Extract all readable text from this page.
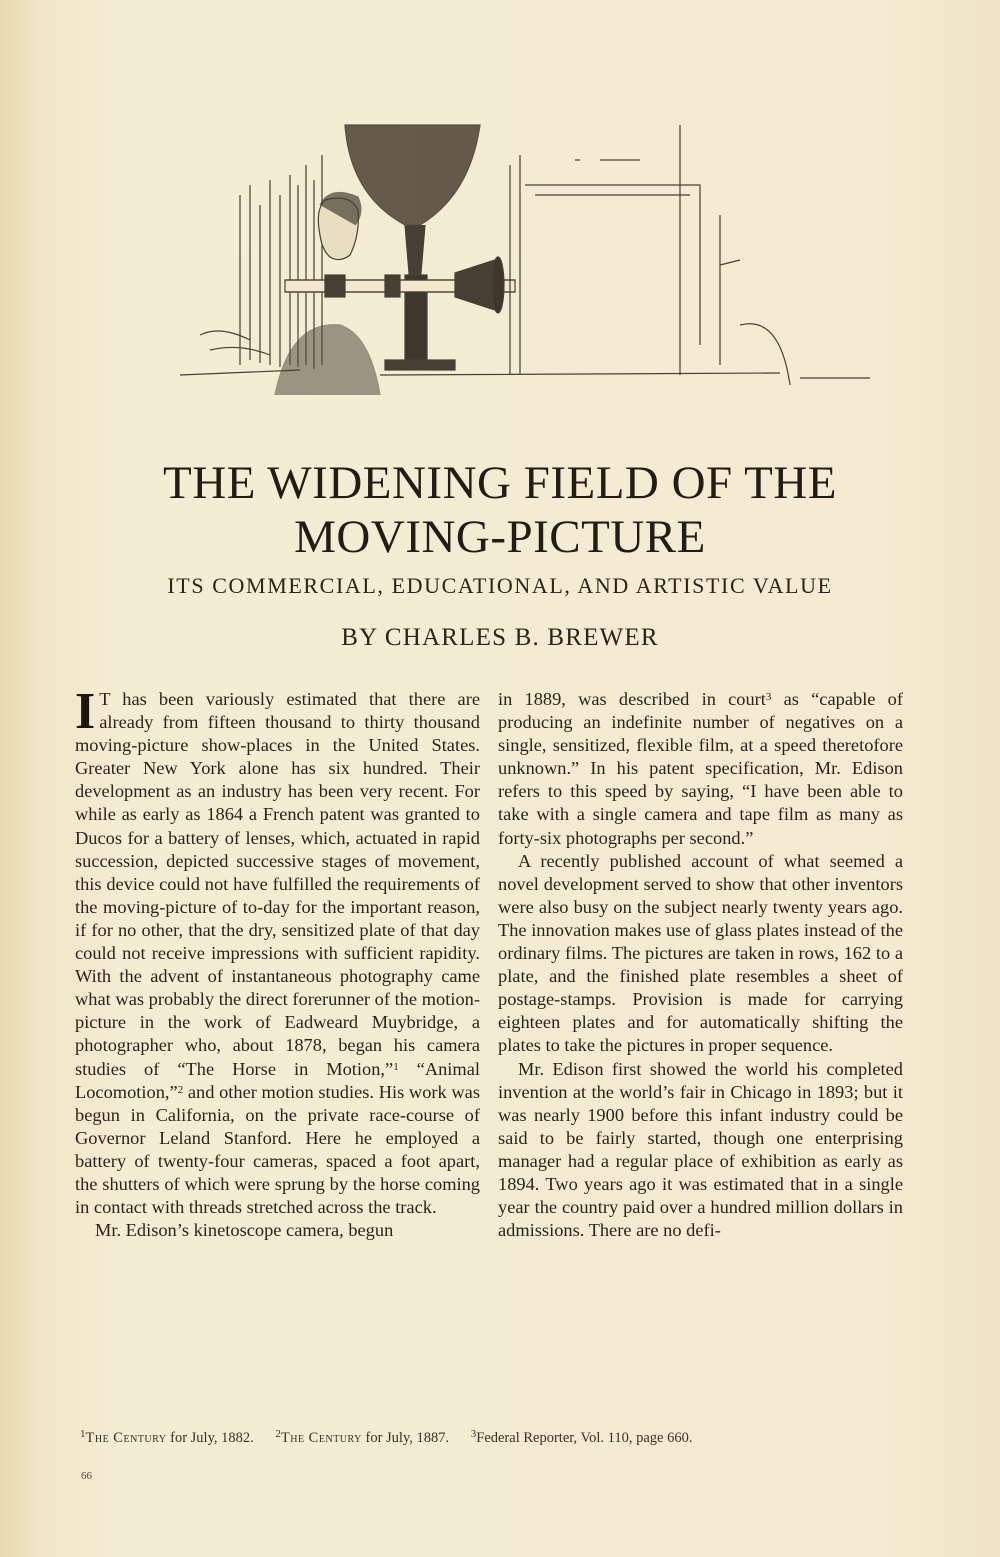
THE WIDENING FIELD OF THE
MOVING-PICTURE
ITS COMMERCIAL, EDUCATIONAL, AND ARTISTIC VALUE
BY CHARLES B. BREWER

I T has been variously estimated that there are already from fifteen thousand to thirty thousand moving-picture show-places in the United States. Greater New York alone has six hundred. Their development as an industry has been very recent. For while as early as 1864 a French patent was granted to Ducos for a battery of lenses, which, actuated in rapid succession, depicted successive stages of movement, this device could not have fulfilled the requirements of the moving-picture of to-day for the important reason, if for no other, that the dry, sensitized plate of that day could not receive impressions with sufficient rapidity. With the advent of instantaneous photography came what was probably the direct forerunner of the motion-picture in the work of Eadweard Muybridge, a photographer who, about 1878, began his camera studies of “The Horse in Motion,”$^1$ “Animal Locomotion,”$^2$ and other motion studies. His work was begun in California, on the private race-course of Governor Leland Stanford. Here he employed a battery of twenty-four cameras, spaced a foot apart, the shutters of which were sprung by the horse coming in contact with threads stretched across the track.

Mr. Edison’s kinetoscope camera, begun

in 1889, was described in court$^3$ as “capable of producing an indefinite number of negatives on a single, sensitized, flexible film, at a speed theretofore unknown.” In his patent specification, Mr. Edison refers to this speed by saying, “I have been able to take with a single camera and tape film as many as forty-six photographs per second.”

A recently published account of what seemed a novel development served to show that other inventors were also busy on the subject nearly twenty years ago. The innovation makes use of glass plates instead of the ordinary films. The pictures are taken in rows, 162 to a plate, and the finished plate resembles a sheet of postage-stamps. Provision is made for carrying eighteen plates and for automatically shifting the plates to take the pictures in proper sequence.

Mr. Edison first showed the world his completed invention at the world’s fair in Chicago in 1893; but it was nearly 1900 before this infant industry could be said to be fairly started, though one enterprising manager had a regular place of exhibition as early as 1894. Two years ago it was estimated that in a single year the country paid over a hundred million dollars in admissions. There are no defi-

$^1$The Century for July, 1882. $^2$The Century for July, 1887. $^3$Federal Reporter, Vol. 110, page 660.
66
